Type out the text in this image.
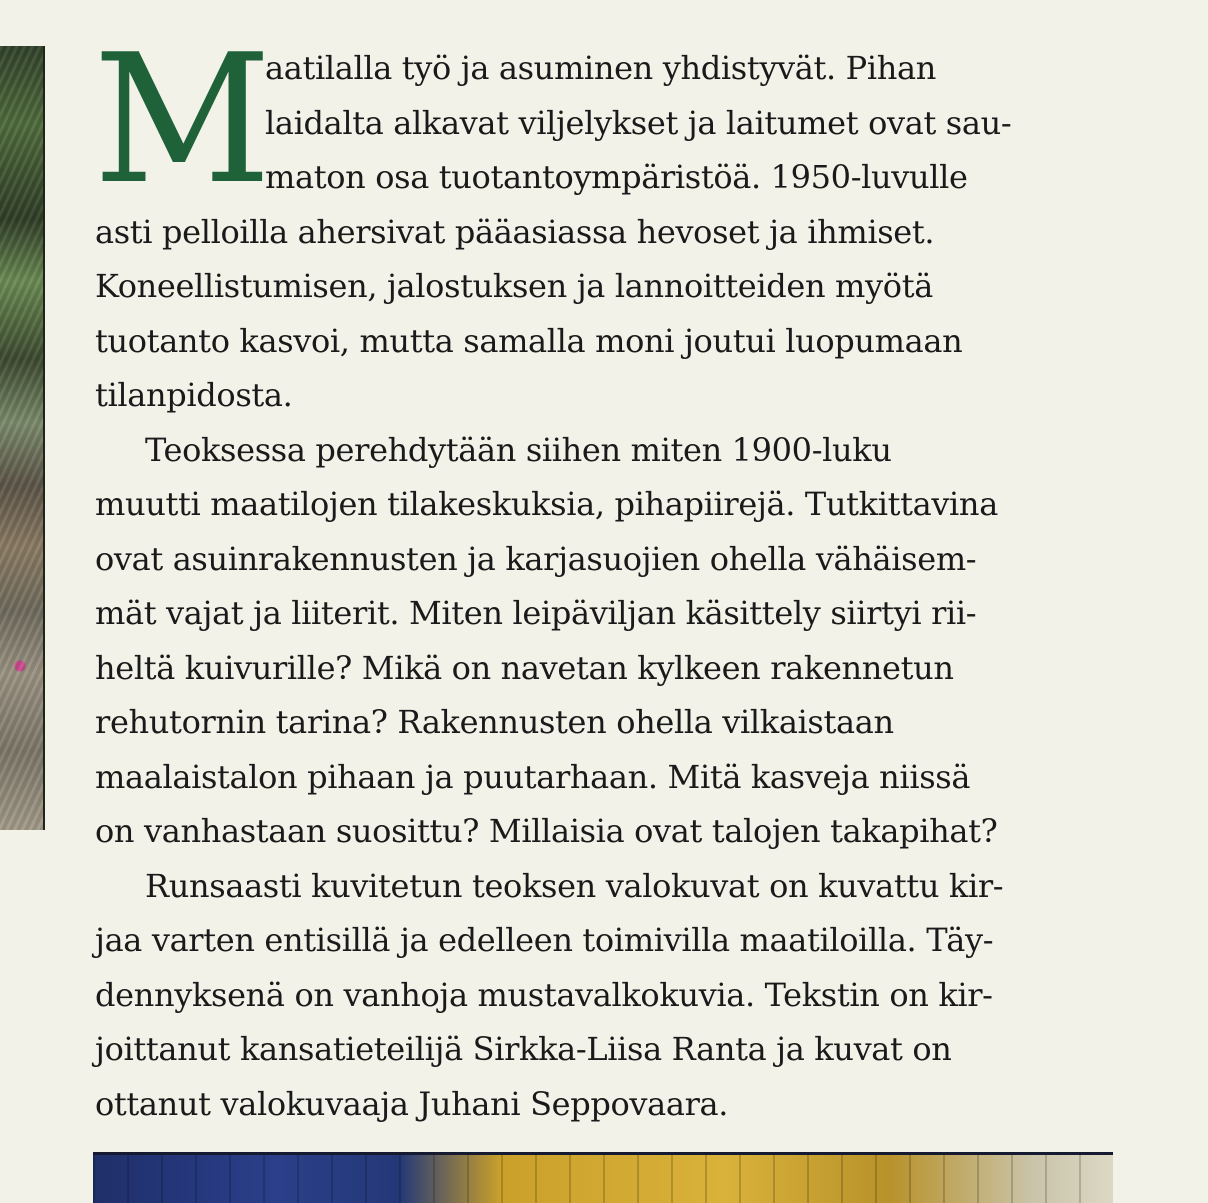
M
aatilalla työ ja asuminen yhdistyvät. Pihan
laidalta alkavat viljelykset ja laitumet ovat sau-
maton osa tuotantoympäristöä. 1950-luvulle
asti pelloilla ahersivat pääasiassa hevoset ja ihmiset.
Koneellistumisen, jalostuksen ja lannoitteiden myötä
tuotanto kasvoi, mutta samalla moni joutui luopumaan
tilanpidosta.
Teoksessa perehdytään siihen miten 1900-luku
muutti maatilojen tilakeskuksia, pihapiirejä. Tutkittavina
ovat asuinrakennusten ja karjasuojien ohella vähäisem-
mät vajat ja liiterit. Miten leipäviljan käsittely siirtyi rii-
heltä kuivurille? Mikä on navetan kylkeen rakennetun
rehutornin tarina? Rakennusten ohella vilkaistaan
maalaistalon pihaan ja puutarhaan. Mitä kasveja niissä
on vanhastaan suosittu? Millaisia ovat talojen takapihat?
Runsaasti kuvitetun teoksen valokuvat on kuvattu kir-
jaa varten entisillä ja edelleen toimivilla maatiloilla. Täy-
dennyksenä on vanhoja mustavalkokuvia. Tekstin on kir-
joittanut kansatieteilijä Sirkka-Liisa Ranta ja kuvat on
ottanut valokuvaaja Juhani Seppovaara.
